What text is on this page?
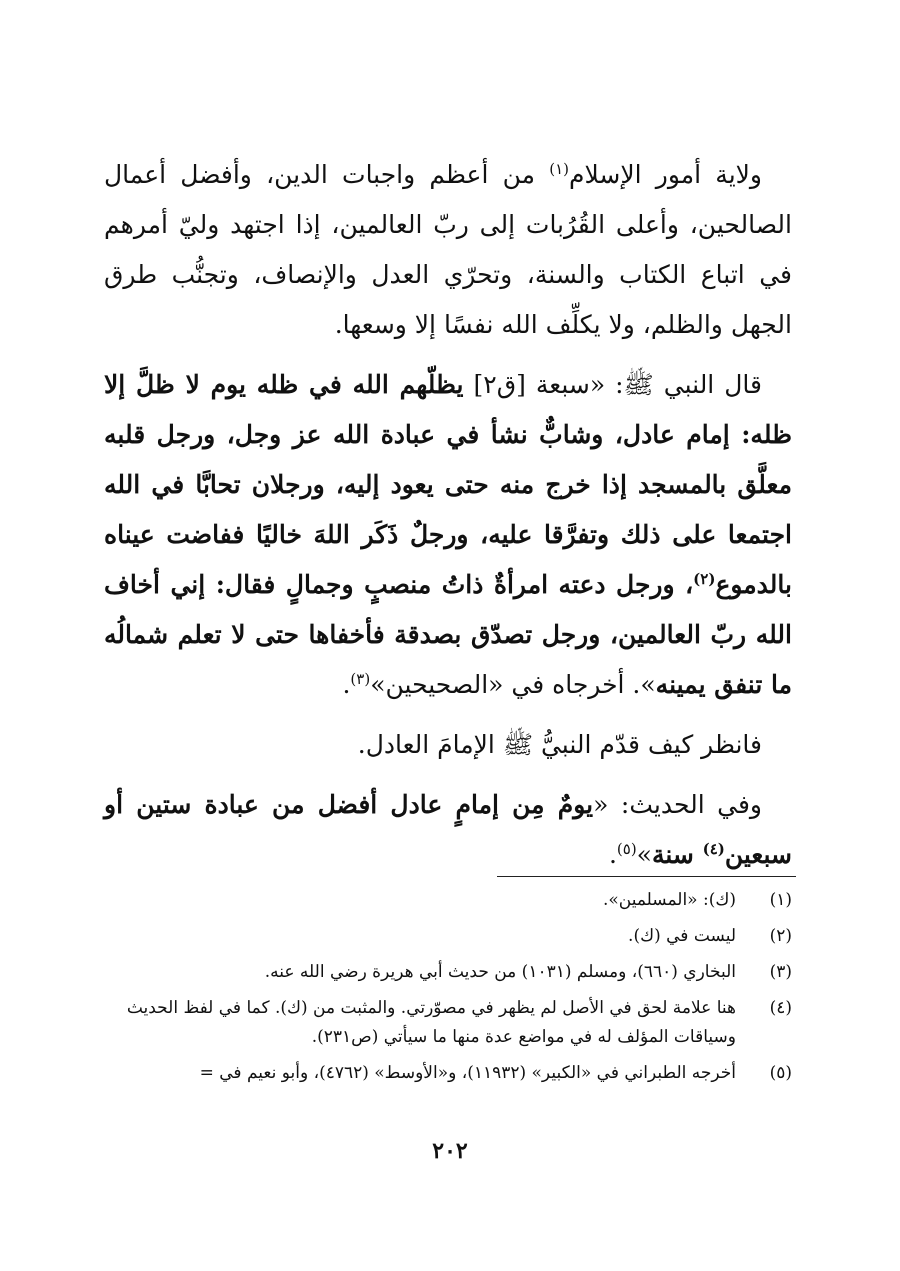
ولاية أمور الإسلام$^{(١)}$ من أعظم واجبات الدين، وأفضل أعمال الصالحين، وأعلى القُرُبات إلى ربّ العالمين، إذا اجتهد وليّ أمرهم في اتباع الكتاب والسنة، وتحرّي العدل والإنصاف، وتجنُّب طرق الجهل والظلم، ولا يكلِّف الله نفسًا إلا وسعها.

قال النبي ﷺ: «سبعة [ق٢] يظلّهم الله في ظله يوم لا ظلَّ إلا ظله: إمام عادل، وشابٌّ نشأ في عبادة الله عز وجل، ورجل قلبه معلَّق بالمسجد إذا خرج منه حتى يعود إليه، ورجلان تحابَّا في الله اجتمعا على ذلك وتفرَّقا عليه، ورجلٌ ذَكَر اللهَ خاليًا ففاضت عيناه بالدموع$^{(٢)}$، ورجل دعته امرأةٌ ذاتُ منصبٍ وجمالٍ فقال: إني أخاف الله ربّ العالمين، ورجل تصدّق بصدقة فأخفاها حتى لا تعلم شمالُه ما تنفق يمينه». أخرجاه في «الصحيحين»$^{(٣)}$.

فانظر كيف قدّم النبيُّ ﷺ الإمامَ العادل.

وفي الحديث: «يومٌ مِن إمامٍ عادل أفضل من عبادة ستين أو سبعين$^{(٤)}$ سنة»$^{(٥)}$.

(١)
(ك): «المسلمين».

(٢)
ليست في (ك).

(٣)
البخاري (٦٦٠)، ومسلم (١٠٣١) من حديث أبي هريرة رضي الله عنه.

(٤)
هنا علامة لحق في الأصل لم يظهر في مصوّرتي. والمثبت من (ك). كما في لفظ الحديث وسياقات المؤلف له في مواضع عدة منها ما سيأتي (ص٢٣١).

(٥)
أخرجه الطبراني في «الكبير» (١١٩٣٢)، و«الأوسط» (٤٧٦٢)، وأبو نعيم في =

٢٠٢
